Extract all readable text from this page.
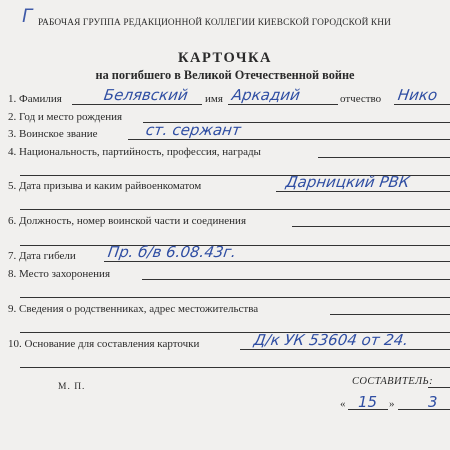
Г РАБОЧАЯ ГРУППА РЕДАКЦИОННОЙ КОЛЛЕГИИ КИЕВСКОЙ ГОРОДСКОЙ КНИ
КАРТОЧКА
на погибшего в Великой Отечественной войне
1. Фамилия	Белявский имя Аркадий	отчество Нико
2. Год и место рождения
3. Воинское звание	ст. сержант
4. Национальность, партийность, профессия, награды
5. Дата призыва и каким райвоенкоматом	Дарницкий РВК
6. Должность, номер воинской части и соединения
7. Дата гибели Пр. б/в 6.08.43г.
8. Место захоронения
9. Сведения о родственниках, адрес местожительства
10. Основание для составления карточки	Д/к УК 53604 от 24.
М. П.	СОСТАВИТЕЛЬ:
« 15 » 3
